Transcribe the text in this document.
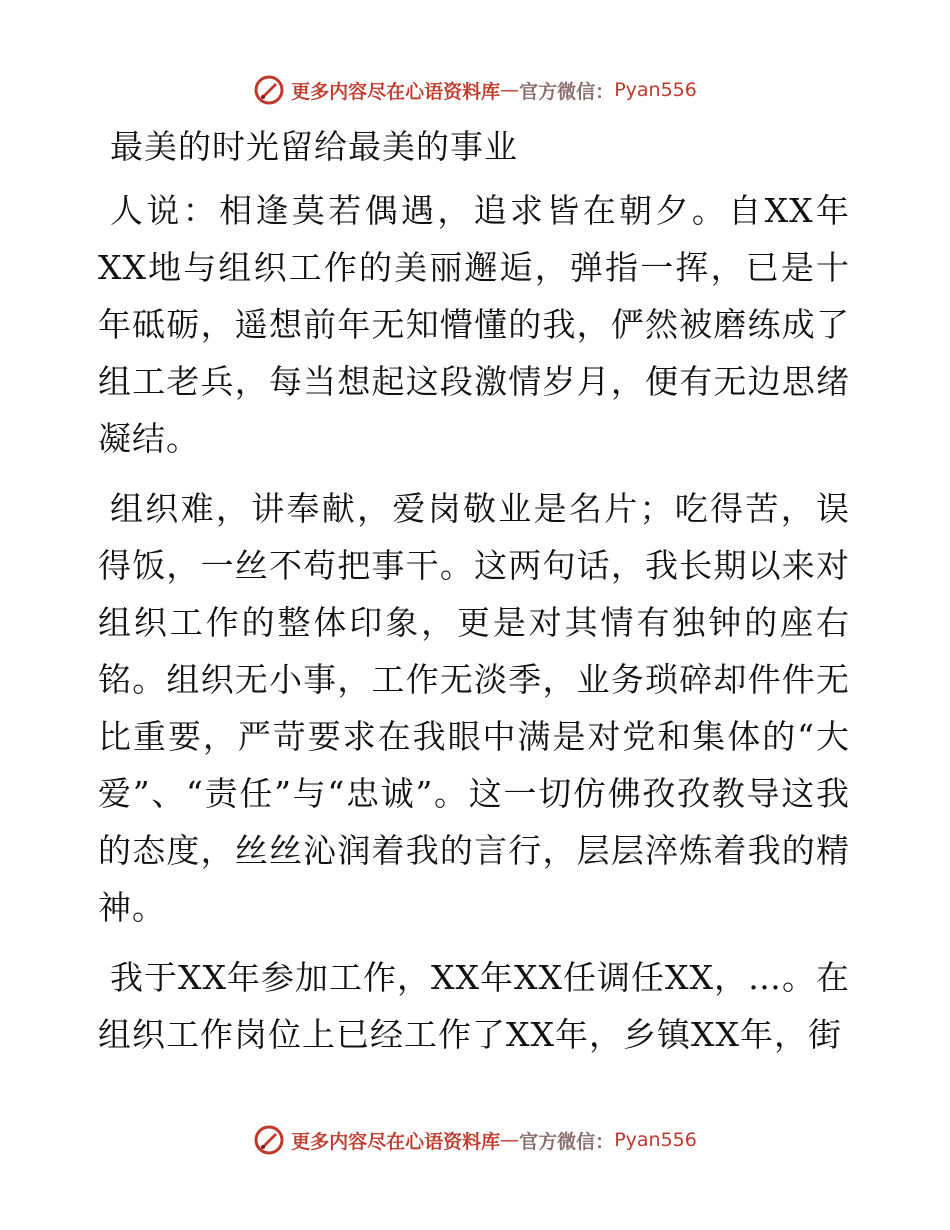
更多内容尽在心语资料库 — 官方微信： Pyan556
最美的时光留给最美的事业

人说：相逢莫若偶遇，追求皆在朝夕。自XX年XX地与组织工作的美丽邂逅，弹指一挥，已是十年砥砺，遥想前年无知懵懂的我，俨然被磨练成了组工老兵，每当想起这段激情岁月，便有无边思绪凝结。

组织难，讲奉献，爱岗敬业是名片；吃得苦，误得饭，一丝不苟把事干。这两句话，我长期以来对组织工作的整体印象，更是对其情有独钟的座右铭。组织无小事，工作无淡季，业务琐碎却件件无比重要，严苛要求在我眼中满是对党和集体的“大爱”、“责任”与“忠诚”。这一切仿佛孜孜教导这我的态度，丝丝沁润着我的言行，层层淬炼着我的精神。

我于XX年参加工作，XX年XX任调任XX，…。在组织工作岗位上已经工作了XX年，乡镇XX年，街

更多内容尽在心语资料库 — 官方微信： Pyan556
